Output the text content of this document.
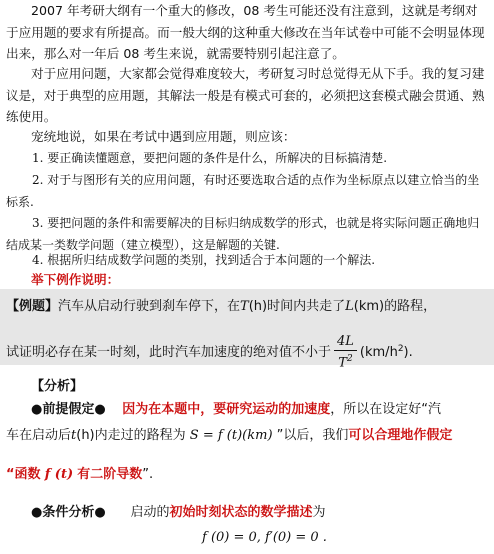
2007 年考研大纲有一个重大的修改，08 考生可能还没有注意到，这就是考纲对于应用题的要求有所提高。而一般大纲的这种重大修改在当年试卷中可能不会明显体现出来，那么对一年后 08 考生来说，就需要特别引起注意了。

对于应用问题，大家都会觉得难度较大，考研复习时总觉得无从下手。我的复习建议是，对于典型的应用题，其解法一般是有模式可套的，必须把这套模式融会贯通、熟练使用。

宠统地说，如果在考试中遇到应用题，则应该：

1. 要正确读懂题意，要把问题的条件是什么，所解决的目标搞清楚.

2. 对于与图形有关的应用问题，有时还要选取合适的点作为坐标原点以建立恰当的坐标系.

3. 要把问题的条件和需要解决的目标归纳成数学的形式，也就是将实际问题正确地归结成某一类数学问题（建立模型），这是解题的关键.

4. 根据所归结成数学问题的类别，找到适合于本问题的一个解法.

举下例作说明：

【例题】汽车从启动行驶到刹车停下，在T(h)时间内共走了L(km)的路程，
试证明必存在某一时刻，此时汽车加速度的绝对值不小于 $\frac{4L}{T^2} (km/h^2)$.
【分析】
●前提假定● 因为在本题中，要研究运动的加速度，所以在设定好“汽
车在启动后t(h)内走过的路程为 S = f (t)(km) ”以后，我们可以合理地作假定
“函数 f (t) 有二阶导数”.
●条件分析● 启动的初始时刻状态的数学描述为
f (0) = 0, f′(0) = 0 .
